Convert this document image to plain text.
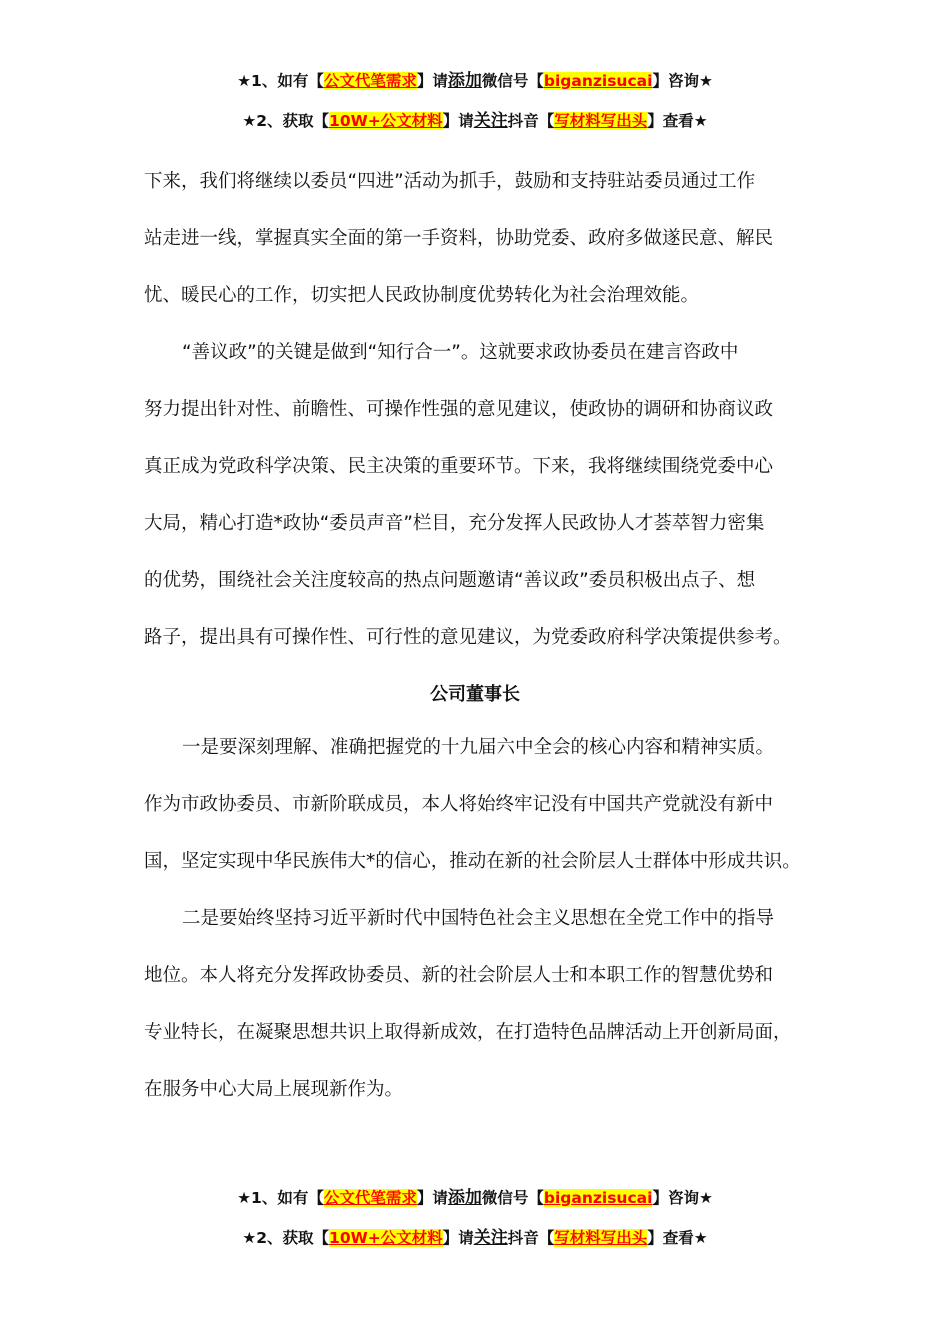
★1、如有【公文代笔需求】请添加微信号【biganzisucai】咨询★
★2、获取【10W+公文材料】请关注抖音【写材料写出头】查看★
下来，我们将继续以委员“四进”活动为抓手，鼓励和支持驻站委员通过工作
站走进一线，掌握真实全面的第一手资料，协助党委、政府多做遂民意、解民
忧、暖民心的工作，切实把人民政协制度优势转化为社会治理效能。
“善议政”的关键是做到“知行合一”。这就要求政协委员在建言咨政中
努力提出针对性、前瞻性、可操作性强的意见建议，使政协的调研和协商议政
真正成为党政科学决策、民主决策的重要环节。下来，我将继续围绕党委中心
大局，精心打造*政协“委员声音”栏目，充分发挥人民政协人才荟萃智力密集
的优势，围绕社会关注度较高的热点问题邀请“善议政”委员积极出点子、想
路子，提出具有可操作性、可行性的意见建议，为党委政府科学决策提供参考。
公司董事长
一是要深刻理解、准确把握党的十九届六中全会的核心内容和精神实质。
作为市政协委员、市新阶联成员，本人将始终牢记没有中国共产党就没有新中
国，坚定实现中华民族伟大*的信心，推动在新的社会阶层人士群体中形成共识。
二是要始终坚持习近平新时代中国特色社会主义思想在全党工作中的指导
地位。本人将充分发挥政协委员、新的社会阶层人士和本职工作的智慧优势和
专业特长，在凝聚思想共识上取得新成效，在打造特色品牌活动上开创新局面，
在服务中心大局上展现新作为。
★1、如有【公文代笔需求】请添加微信号【biganzisucai】咨询★
★2、获取【10W+公文材料】请关注抖音【写材料写出头】查看★
